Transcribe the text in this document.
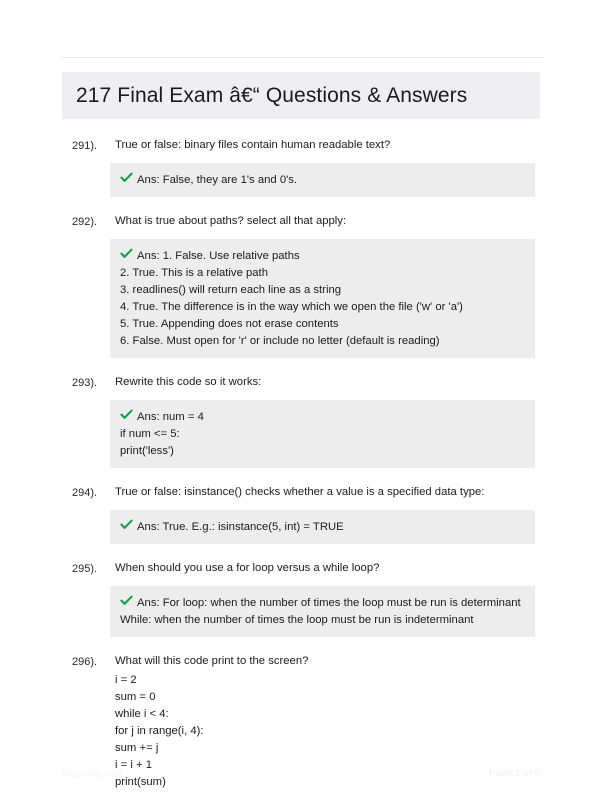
217 Final Exam â€“ Questions & Answers
291).	True or false: binary files contain human readable text?
Ans: False, they are 1's and 0's.
292).	What is true about paths? select all that apply:
Ans: 1. False. Use relative paths
2. True. This is a relative path
3. readlines() will return each line as a string
4. True. The difference is in the way which we open the file ('w' or 'a')
5. True. Appending does not erase contents
6. False. Must open for 'r' or include no letter (default is reading)
293).	Rewrite this code so it works:
Ans: num = 4
if num <= 5:
print('less')
294).	True or false: isinstance() checks whether a value is a specified data type:
Ans: True. E.g.: isinstance(5, int) = TRUE
295).	When should you use a for loop versus a while loop?
Ans: For loop: when the number of times the loop must be run is determinant
While: when the number of times the loop must be run is indeterminant
296).	What will this code print to the screen?
i = 2
sum = 0
while i < 4:
for j in range(i, 4):
sum += j
i = i + 1
print(sum)
PaperTitle.com	Page 1 of 9
